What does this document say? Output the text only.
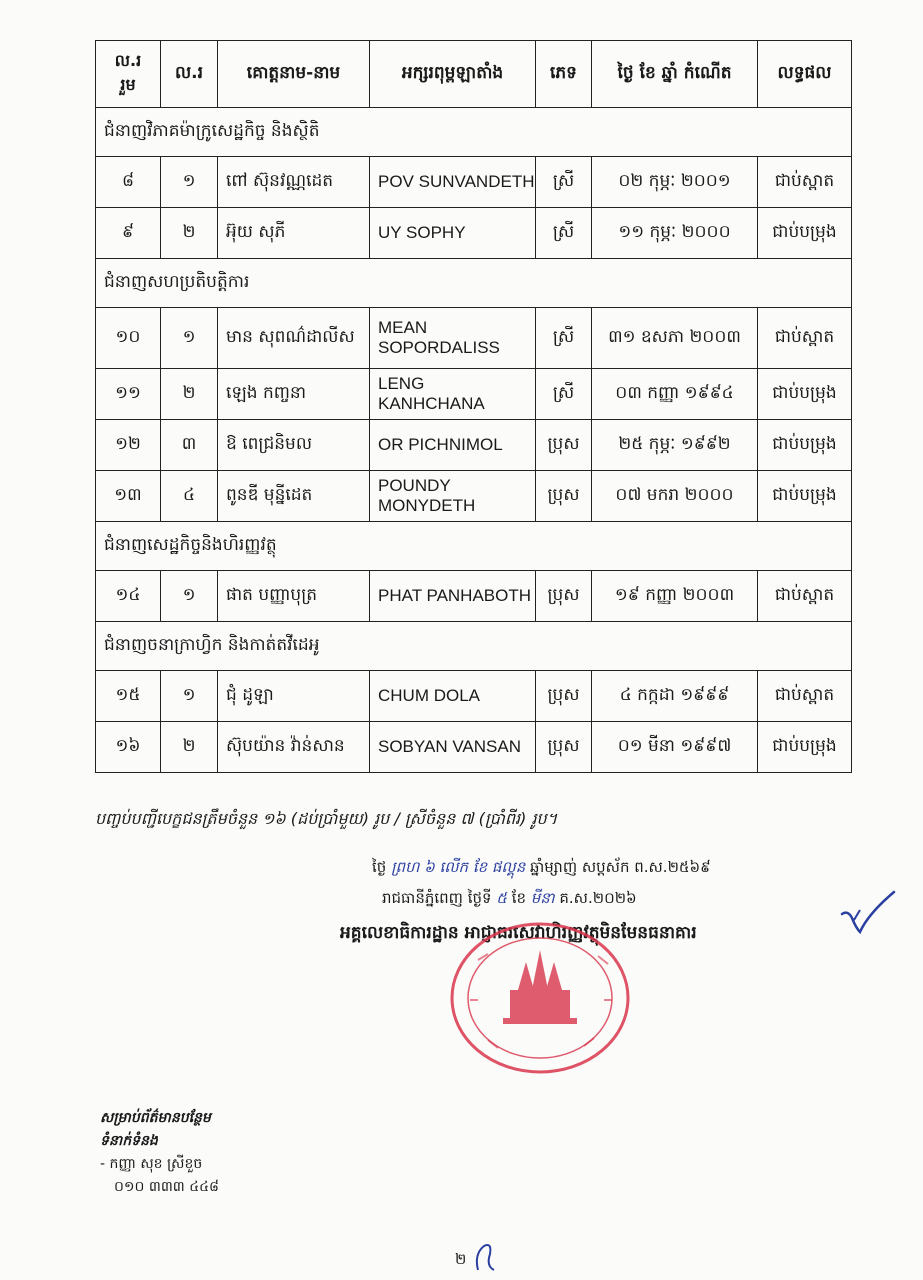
ល.រ
រួម	ល.រ	គោត្តនាម-នាម	អក្សរពុម្ពឡាតាំង	ភេទ	ថ្ងៃ ខែ ឆ្នាំ កំណើត	លទ្ធផល
ជំនាញវិភាគម៉ាក្រូសេដ្ឋកិច្ច និងស្ថិតិ						
៨	១	ពៅ ស៊ុនវណ្ណដេត	POV SUNVANDETH	ស្រី	០២ កុម្ភៈ ២០០១	ជាប់ស្ពាត
៩	២	អ៊ុយ សុភី	UY SOPHY	ស្រី	១១ កុម្ភៈ ២០០០	ជាប់បម្រុង
ជំនាញសហប្រតិបត្តិការ						
១០	១	មាន សុពណ៌ដាលីស	MEAN SOPORDALISS	ស្រី	៣១ ឧសភា ២០០៣	ជាប់ស្ពាត
១១	២	ឡេង កញ្ចនា	LENG KANHCHANA	ស្រី	០៣ កញ្ញា ១៩៩៤	ជាប់បម្រុង
១២	៣	ឱ ពេជ្រនិមល	OR PICHNIMOL	ប្រុស	២៥ កុម្ភៈ ១៩៩២	ជាប់បម្រុង
១៣	៤	ពូនឌី មុន្នីដេត	POUNDY MONYDETH	ប្រុស	០៧ មករា ២០០០	ជាប់បម្រុង
ជំនាញសេដ្ឋកិច្ចនិងហិរញ្ញវត្ថុ						
១៤	១	ផាត បញ្ញាបុត្រ	PHAT PANHABOTH	ប្រុស	១៩ កញ្ញា ២០០៣	ជាប់ស្ពាត
ជំនាញចនាក្រាហ្វិក និងកាត់តវីដេអូ						
១៥	១	ជុំ ដូឡា	CHUM DOLA	ប្រុស	៤ កក្កដា ១៩៩៩	ជាប់ស្ពាត
១៦	២	ស៊ុបយ៉ាន វ៉ាន់សាន	SOBYAN VANSAN	ប្រុស	០១ មីនា ១៩៩៧	ជាប់បម្រុង
បញ្ចប់បញ្ជីបេក្ខជនត្រឹមចំនួន ១៦ (ដប់ប្រាំមួយ) រូប / ស្រីចំនួន ៧ (ប្រាំពីរ) រូប។
ថ្ងៃ ព្រហ ៦ លើក ខែ ផល្គុន ឆ្នាំម្សាញ់ សប្តស័ក ព.ស.២៥៦៩
រាជធានីភ្នំពេញ ថ្ងៃទី ៥ ខែ មីនា គ.ស.២០២៦
អគ្គលេខាធិការដ្ឋាន អាជ្ញាធរសេវាហិរញ្ញវត្ថុមិនមែនធនាគារ
សម្រាប់ព័ត៌មានបន្ថែម
ទំនាក់ទំនង
- កញ្ញា សុខ ស្រីខួច
០១០ ៣៣៣ ៤៤៨
២
